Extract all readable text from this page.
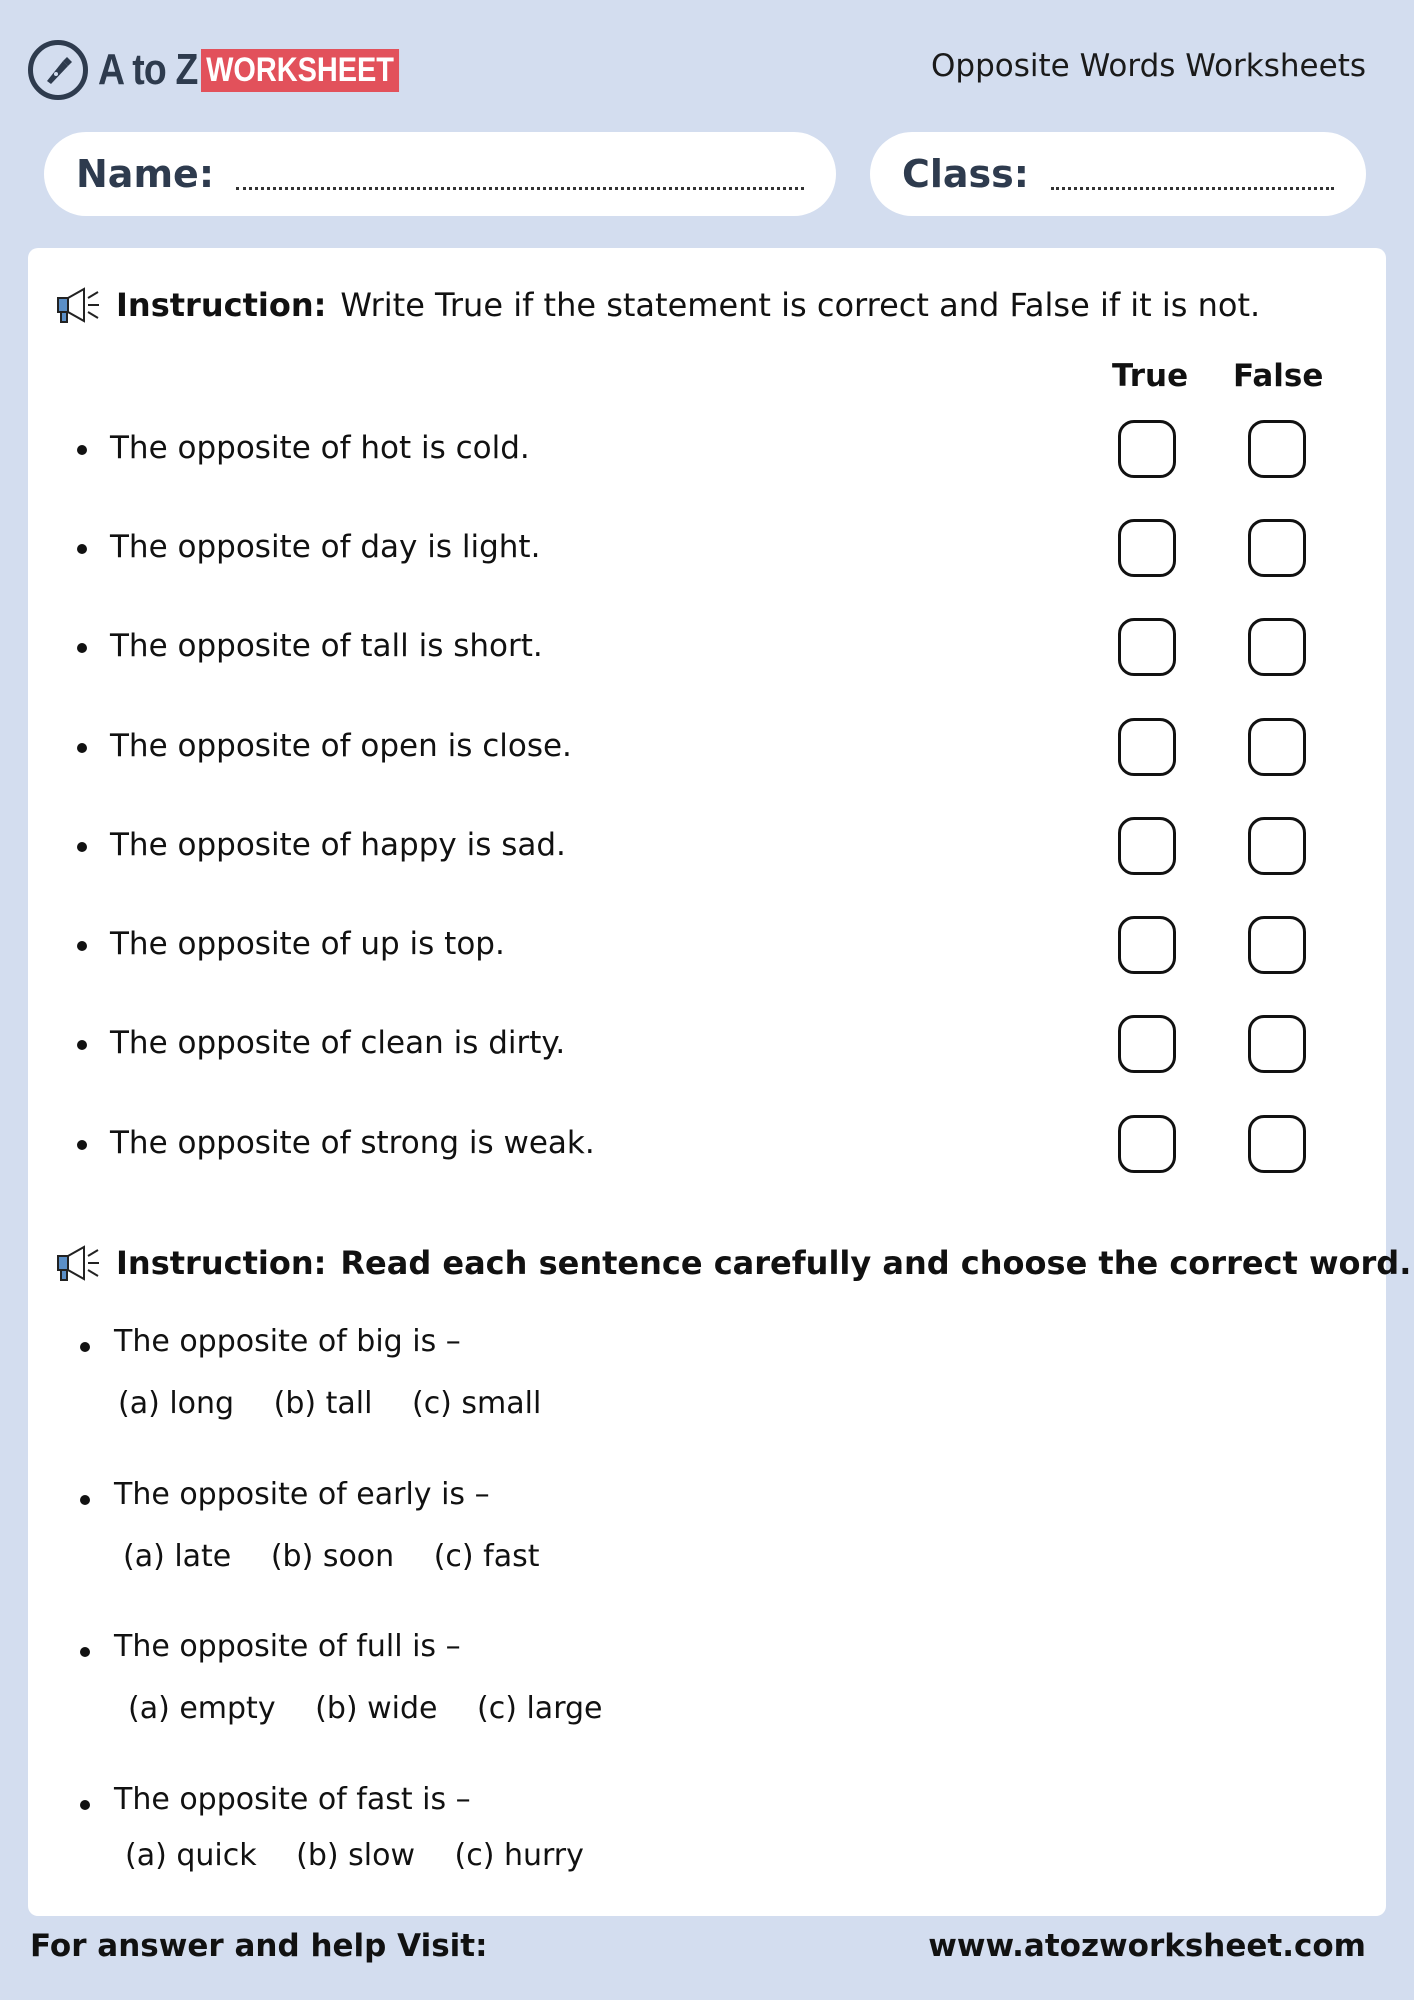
A to Z WORKSHEET	Opposite Words Worksheets
Name:	Class:
Instruction: Write True if the statement is correct and False if it is not.
True False
The opposite of hot is cold.
The opposite of day is light.
The opposite of tall is short.
The opposite of open is close.
The opposite of happy is sad.
The opposite of up is top.
The opposite of clean is dirty.
The opposite of strong is weak.
Instruction: Read each sentence carefully and choose the correct word.
The opposite of big is –
(a) long (b) tall (c) small
The opposite of early is –
(a) late (b) soon (c) fast
The opposite of full is –
(a) empty (b) wide (c) large
The opposite of fast is –
(a) quick (b) slow (c) hurry
For answer and help Visit:	www.atozworksheet.com
